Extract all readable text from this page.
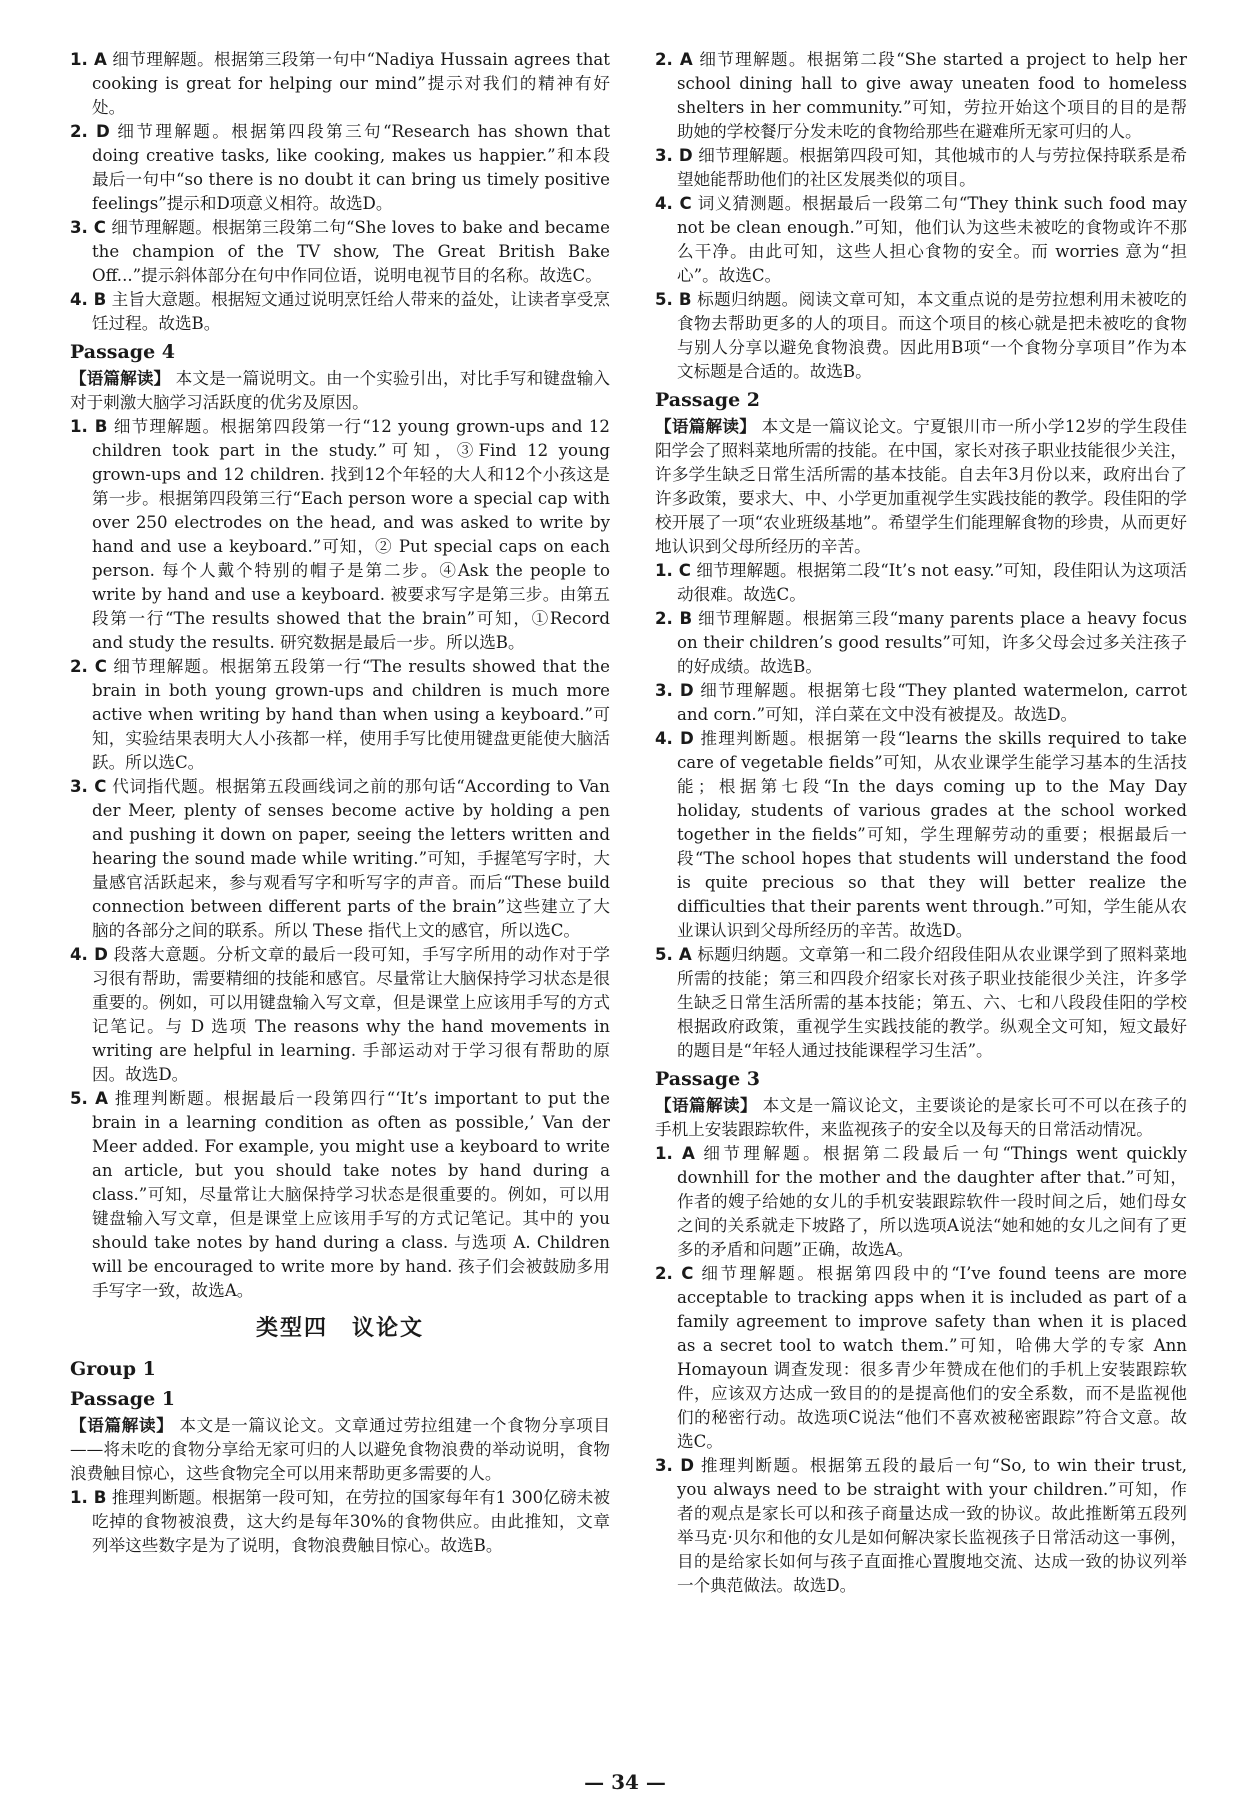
1. A 细节理解题。根据第三段第一句中“Nadiya Hussain agrees that cooking is great for helping our mind”提示对我们的精神有好处。

2. D 细节理解题。根据第四段第三句“Research has shown that doing creative tasks, like cooking, makes us happier.”和本段最后一句中“so there is no doubt it can bring us timely positive feelings”提示和D项意义相符。故选D。

3. C 细节理解题。根据第三段第二句“She loves to bake and became the champion of the TV show, The Great British Bake Off...”提示斜体部分在句中作同位语，说明电视节目的名称。故选C。

4. B 主旨大意题。根据短文通过说明烹饪给人带来的益处，让读者享受烹饪过程。故选B。

Passage 4

【语篇解读】 本文是一篇说明文。由一个实验引出，对比手写和键盘输入对于刺激大脑学习活跃度的优劣及原因。

1. B 细节理解题。根据第四段第一行“12 young grown-ups and 12 children took part in the study.”可知，③Find 12 young grown-ups and 12 children. 找到12个年轻的大人和12个小孩这是第一步。根据第四段第三行“Each person wore a special cap with over 250 electrodes on the head, and was asked to write by hand and use a keyboard.”可知，② Put special caps on each person. 每个人戴个特别的帽子是第二步。④Ask the people to write by hand and use a keyboard. 被要求写字是第三步。由第五段第一行“The results showed that the brain”可知，①Record and study the results. 研究数据是最后一步。所以选B。

2. C 细节理解题。根据第五段第一行“The results showed that the brain in both young grown-ups and children is much more active when writing by hand than when using a keyboard.”可知，实验结果表明大人小孩都一样，使用手写比使用键盘更能使大脑活跃。所以选C。

3. C 代词指代题。根据第五段画线词之前的那句话“According to Van der Meer, plenty of senses become active by holding a pen and pushing it down on paper, seeing the letters written and hearing the sound made while writing.”可知，手握笔写字时，大量感官活跃起来，参与观看写字和听写字的声音。而后“These build connection between different parts of the brain”这些建立了大脑的各部分之间的联系。所以 These 指代上文的感官，所以选C。

4. D 段落大意题。分析文章的最后一段可知，手写字所用的动作对于学习很有帮助，需要精细的技能和感官。尽量常让大脑保持学习状态是很重要的。例如，可以用键盘输入写文章，但是课堂上应该用手写的方式记笔记。与 D 选项 The reasons why the hand movements in writing are helpful in learning. 手部运动对于学习很有帮助的原因。故选D。

5. A 推理判断题。根据最后一段第四行“‘It’s important to put the brain in a learning condition as often as possible,’ Van der Meer added. For example, you might use a keyboard to write an article, but you should take notes by hand during a class.”可知，尽量常让大脑保持学习状态是很重要的。例如，可以用键盘输入写文章，但是课堂上应该用手写的方式记笔记。其中的 you should take notes by hand during a class. 与选项 A. Children will be encouraged to write more by hand. 孩子们会被鼓励多用手写字一致，故选A。

类型四　议论文
Group 1
Passage 1

【语篇解读】 本文是一篇议论文。文章通过劳拉组建一个食物分享项目——将未吃的食物分享给无家可归的人以避免食物浪费的举动说明，食物浪费触目惊心，这些食物完全可以用来帮助更多需要的人。

1. B 推理判断题。根据第一段可知，在劳拉的国家每年有1 300亿磅未被吃掉的食物被浪费，这大约是每年30%的食物供应。由此推知，文章列举这些数字是为了说明，食物浪费触目惊心。故选B。

2. A 细节理解题。根据第二段“She started a project to help her school dining hall to give away uneaten food to homeless shelters in her community.”可知，劳拉开始这个项目的目的是帮助她的学校餐厅分发未吃的食物给那些在避难所无家可归的人。

3. D 细节理解题。根据第四段可知，其他城市的人与劳拉保持联系是希望她能帮助他们的社区发展类似的项目。

4. C 词义猜测题。根据最后一段第二句“They think such food may not be clean enough.”可知，他们认为这些未被吃的食物或许不那么干净。由此可知，这些人担心食物的安全。而 worries 意为“担心”。故选C。

5. B 标题归纳题。阅读文章可知，本文重点说的是劳拉想利用未被吃的食物去帮助更多的人的项目。而这个项目的核心就是把未被吃的食物与别人分享以避免食物浪费。因此用B项“一个食物分享项目”作为本文标题是合适的。故选B。

Passage 2

【语篇解读】 本文是一篇议论文。宁夏银川市一所小学12岁的学生段佳阳学会了照料菜地所需的技能。在中国，家长对孩子职业技能很少关注，许多学生缺乏日常生活所需的基本技能。自去年3月份以来，政府出台了许多政策，要求大、中、小学更加重视学生实践技能的教学。段佳阳的学校开展了一项“农业班级基地”。希望学生们能理解食物的珍贵，从而更好地认识到父母所经历的辛苦。

1. C 细节理解题。根据第二段“It’s not easy.”可知，段佳阳认为这项活动很难。故选C。

2. B 细节理解题。根据第三段“many parents place a heavy focus on their children’s good results”可知，许多父母会过多关注孩子的好成绩。故选B。

3. D 细节理解题。根据第七段“They planted watermelon, carrot and corn.”可知，洋白菜在文中没有被提及。故选D。

4. D 推理判断题。根据第一段“learns the skills required to take care of vegetable fields”可知，从农业课学生能学习基本的生活技能；根据第七段“In the days coming up to the May Day holiday, students of various grades at the school worked together in the fields”可知，学生理解劳动的重要；根据最后一段“The school hopes that students will understand the food is quite precious so that they will better realize the difficulties that their parents went through.”可知，学生能从农业课认识到父母所经历的辛苦。故选D。

5. A 标题归纳题。文章第一和二段介绍段佳阳从农业课学到了照料菜地所需的技能；第三和四段介绍家长对孩子职业技能很少关注，许多学生缺乏日常生活所需的基本技能；第五、六、七和八段段佳阳的学校根据政府政策，重视学生实践技能的教学。纵观全文可知，短文最好的题目是“年轻人通过技能课程学习生活”。

Passage 3

【语篇解读】 本文是一篇议论文，主要谈论的是家长可不可以在孩子的手机上安装跟踪软件，来监视孩子的安全以及每天的日常活动情况。

1. A 细节理解题。根据第二段最后一句“Things went quickly downhill for the mother and the daughter after that.”可知，作者的嫂子给她的女儿的手机安装跟踪软件一段时间之后，她们母女之间的关系就走下坡路了，所以选项A说法“她和她的女儿之间有了更多的矛盾和问题”正确，故选A。

2. C 细节理解题。根据第四段中的“I’ve found teens are more acceptable to tracking apps when it is included as part of a family agreement to improve safety than when it is placed as a secret tool to watch them.”可知，哈佛大学的专家 Ann Homayoun 调查发现：很多青少年赞成在他们的手机上安装跟踪软件，应该双方达成一致目的的是提高他们的安全系数，而不是监视他们的秘密行动。故选项C说法“他们不喜欢被秘密跟踪”符合文意。故选C。

3. D 推理判断题。根据第五段的最后一句“So, to win their trust, you always need to be straight with your children.”可知，作者的观点是家长可以和孩子商量达成一致的协议。故此推断第五段列举马克·贝尔和他的女儿是如何解决家长监视孩子日常活动这一事例，目的是给家长如何与孩子直面推心置腹地交流、达成一致的协议列举一个典范做法。故选D。

— 34 —
